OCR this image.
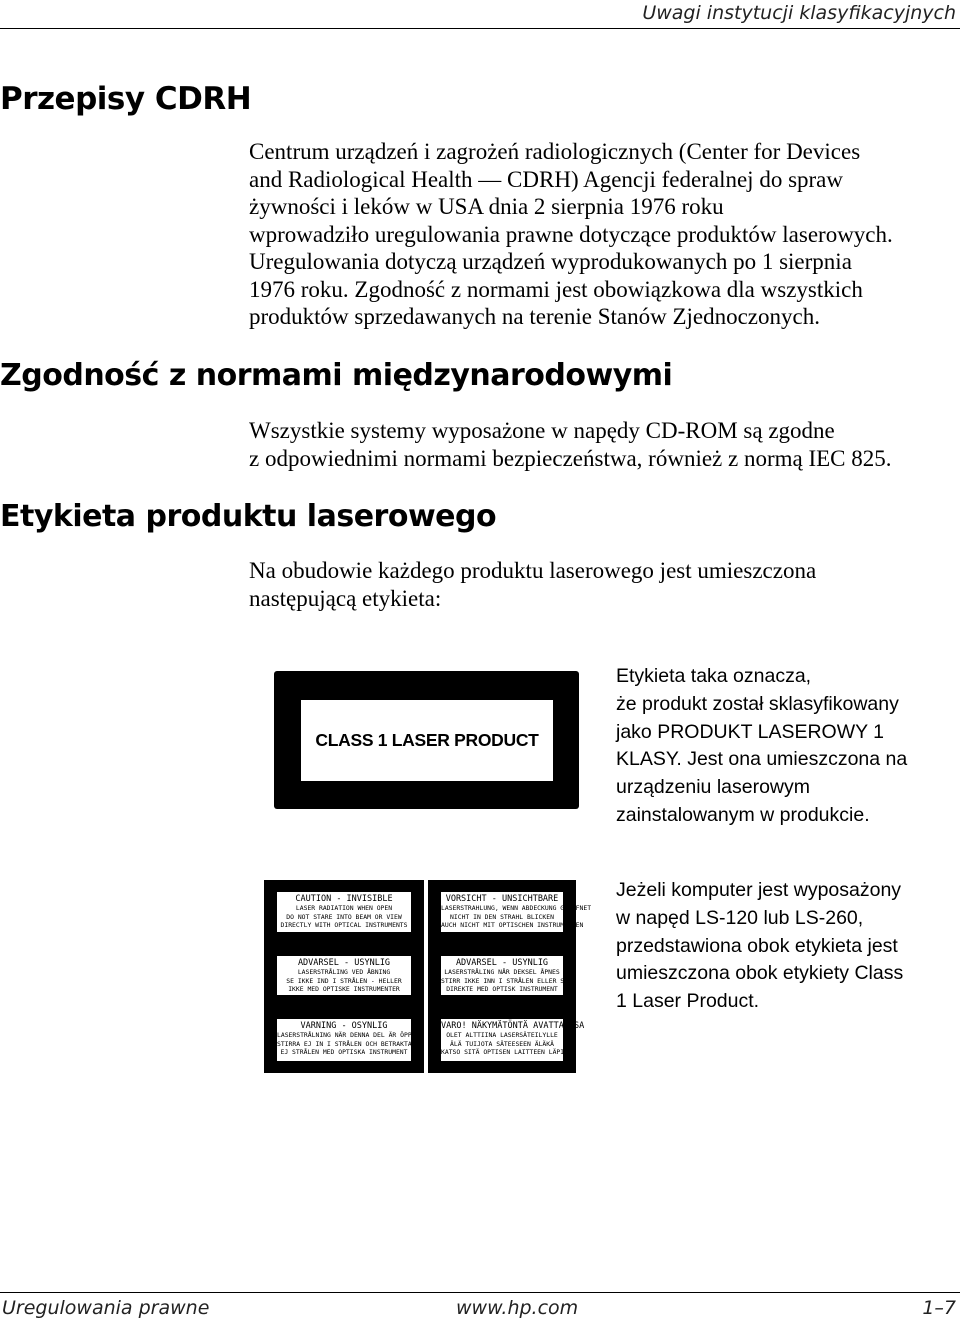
Uwagi instytucji klasyfikacyjnych
Przepisy CDRH
Centrum urządzeń i zagrożeń radiologicznych (Center for Devices
and Radiological Health — CDRH) Agencji federalnej do spraw
żywności i leków w USA dnia 2 sierpnia 1976 roku
wprowadziło uregulowania prawne dotyczące produktów laserowych.
Uregulowania dotyczą urządzeń wyprodukowanych po 1 sierpnia
1976 roku. Zgodność z normami jest obowiązkowa dla wszystkich
produktów sprzedawanych na terenie Stanów Zjednoczonych.
Zgodność z normami międzynarodowymi
Wszystkie systemy wyposażone w napędy CD-ROM są zgodne
z odpowiednimi normami bezpieczeństwa, również z normą IEC 825.
Etykieta produktu laserowego
Na obudowie każdego produktu laserowego jest umieszczona
następującą etykieta:
CLASS 1 LASER PRODUCT
Etykieta taka oznacza,
że produkt został sklasyfikowany
jako PRODUKT LASEROWY 1
KLASY. Jest ona umieszczona na
urządzeniu laserowym
zainstalowanym w produkcie.
CAUTION - INVISIBLE
LASER RADIATION WHEN OPEN
DO NOT STARE INTO BEAM OR VIEW
DIRECTLY WITH OPTICAL INSTRUMENTS
VORSICHT - UNSICHTBARE
LASERSTRAHLUNG, WENN ABDECKUNG GEÖFFNET
NICHT IN DEN STRAHL BLICKEN
AUCH NICHT MIT OPTISCHEN INSTRUMENTEN
ADVARSEL - USYNLIG
LASERSTRÅLING VED ÅBNING
SE IKKE IND I STRÅLEN - HELLER
IKKE MED OPTISKE INSTRUMENTER
ADVARSEL - USYNLIG
LASERSTRÅLING NÅR DEKSEL ÅPNES
STIRR IKKE INN I STRÅLEN ELLER SE
DIREKTE MED OPTISK INSTRUMENT
VARNING - OSYNLIG
LASERSTRÅLNING NÄR DENNA DEL ÄR ÖPPNAD
STIRRA EJ IN I STRÅLEN OCH BETRAKTA
EJ STRÅLEN MED OPTISKA INSTRUMENT
VARO! NÄKYMÄTÖNTÄ AVATTAESSA
OLET ALTTIINA LASERSÄTEILYLLE
ÄLÄ TUIJOTA SÄTEESEEN ÄLÄKÄ
KATSO SITÄ OPTISEN LAITTEEN LÄPI
Jeżeli komputer jest wyposażony
w napęd LS-120 lub LS-260,
przedstawiona obok etykieta jest
umieszczona obok etykiety Class
1 Laser Product.
Uregulowania prawne	www.hp.com	1–7
